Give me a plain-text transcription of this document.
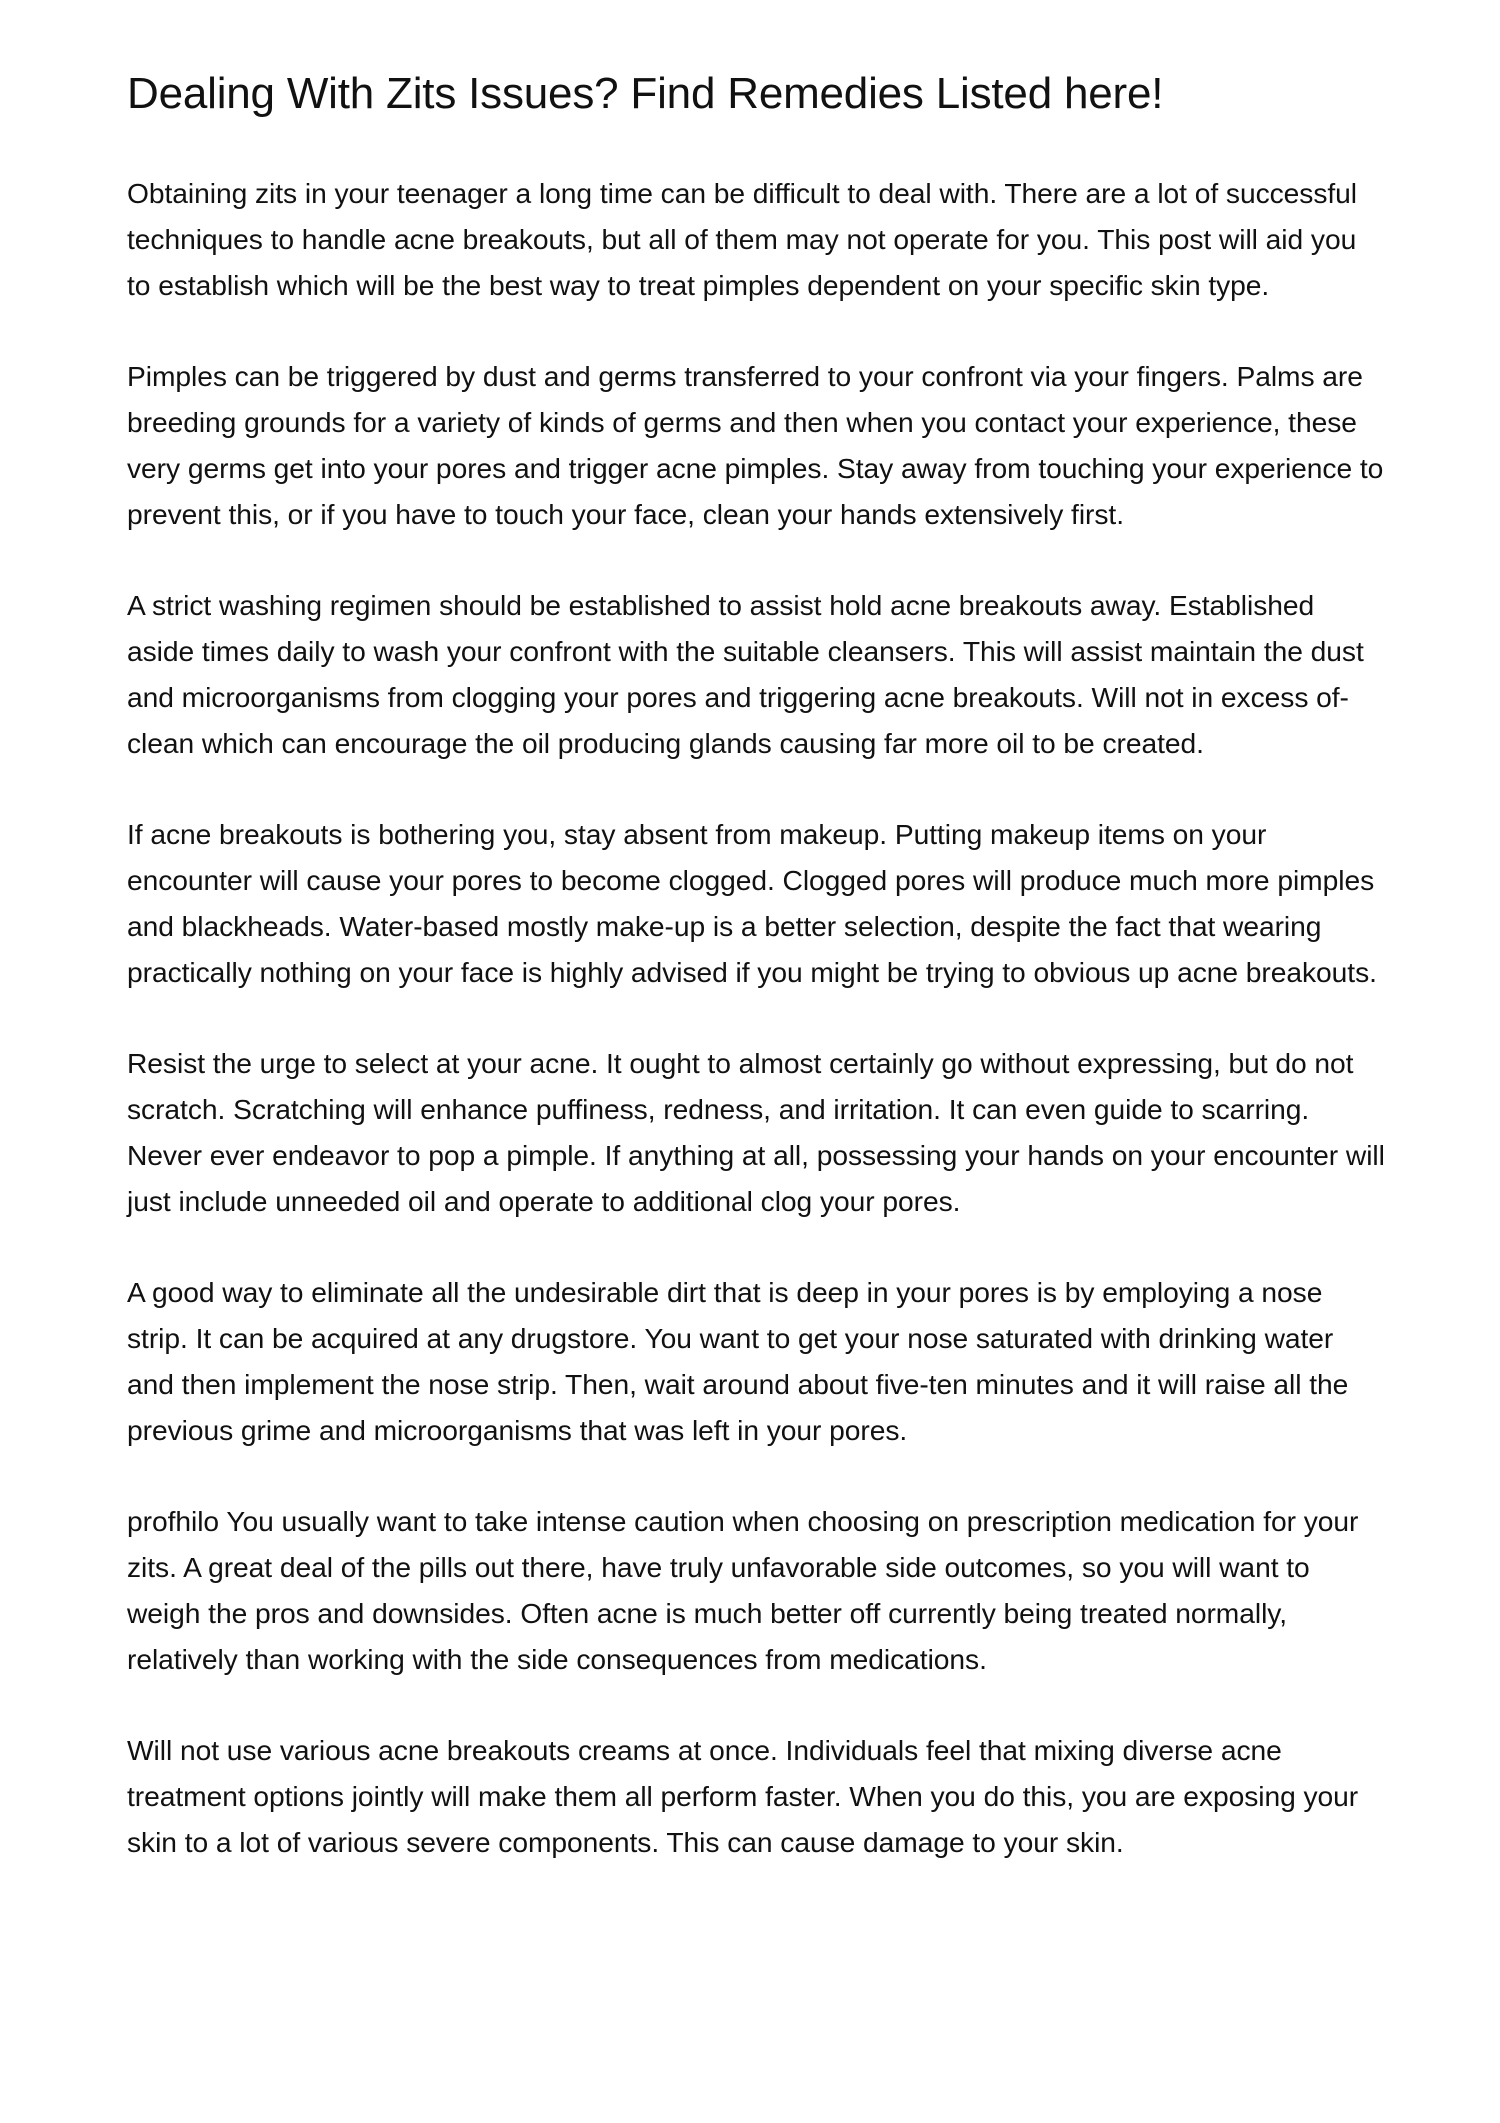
Dealing With Zits Issues? Find Remedies Listed here!

Obtaining zits in your teenager a long time can be difficult to deal with. There are a lot of successful techniques to handle acne breakouts, but all of them may not operate for you. This post will aid you to establish which will be the best way to treat pimples dependent on your specific skin type.

Pimples can be triggered by dust and germs transferred to your confront via your fingers. Palms are breeding grounds for a variety of kinds of germs and then when you contact your experience, these very germs get into your pores and trigger acne pimples. Stay away from touching your experience to prevent this, or if you have to touch your face, clean your hands extensively first.

A strict washing regimen should be established to assist hold acne breakouts away. Established aside times daily to wash your confront with the suitable cleansers. This will assist maintain the dust and microorganisms from clogging your pores and triggering acne breakouts. Will not in excess of-clean which can encourage the oil producing glands causing far more oil to be created.

If acne breakouts is bothering you, stay absent from makeup. Putting makeup items on your encounter will cause your pores to become clogged. Clogged pores will produce much more pimples and blackheads. Water-based mostly make-up is a better selection, despite the fact that wearing practically nothing on your face is highly advised if you might be trying to obvious up acne breakouts.

Resist the urge to select at your acne. It ought to almost certainly go without expressing, but do not scratch. Scratching will enhance puffiness, redness, and irritation. It can even guide to scarring. Never ever endeavor to pop a pimple. If anything at all, possessing your hands on your encounter will just include unneeded oil and operate to additional clog your pores.

A good way to eliminate all the undesirable dirt that is deep in your pores is by employing a nose strip. It can be acquired at any drugstore. You want to get your nose saturated with drinking water and then implement the nose strip. Then, wait around about five-ten minutes and it will raise all the previous grime and microorganisms that was left in your pores.

profhilo You usually want to take intense caution when choosing on prescription medication for your zits. A great deal of the pills out there, have truly unfavorable side outcomes, so you will want to weigh the pros and downsides. Often acne is much better off currently being treated normally, relatively than working with the side consequences from medications.

Will not use various acne breakouts creams at once. Individuals feel that mixing diverse acne treatment options jointly will make them all perform faster. When you do this, you are exposing your skin to a lot of various severe components. This can cause damage to your skin.
